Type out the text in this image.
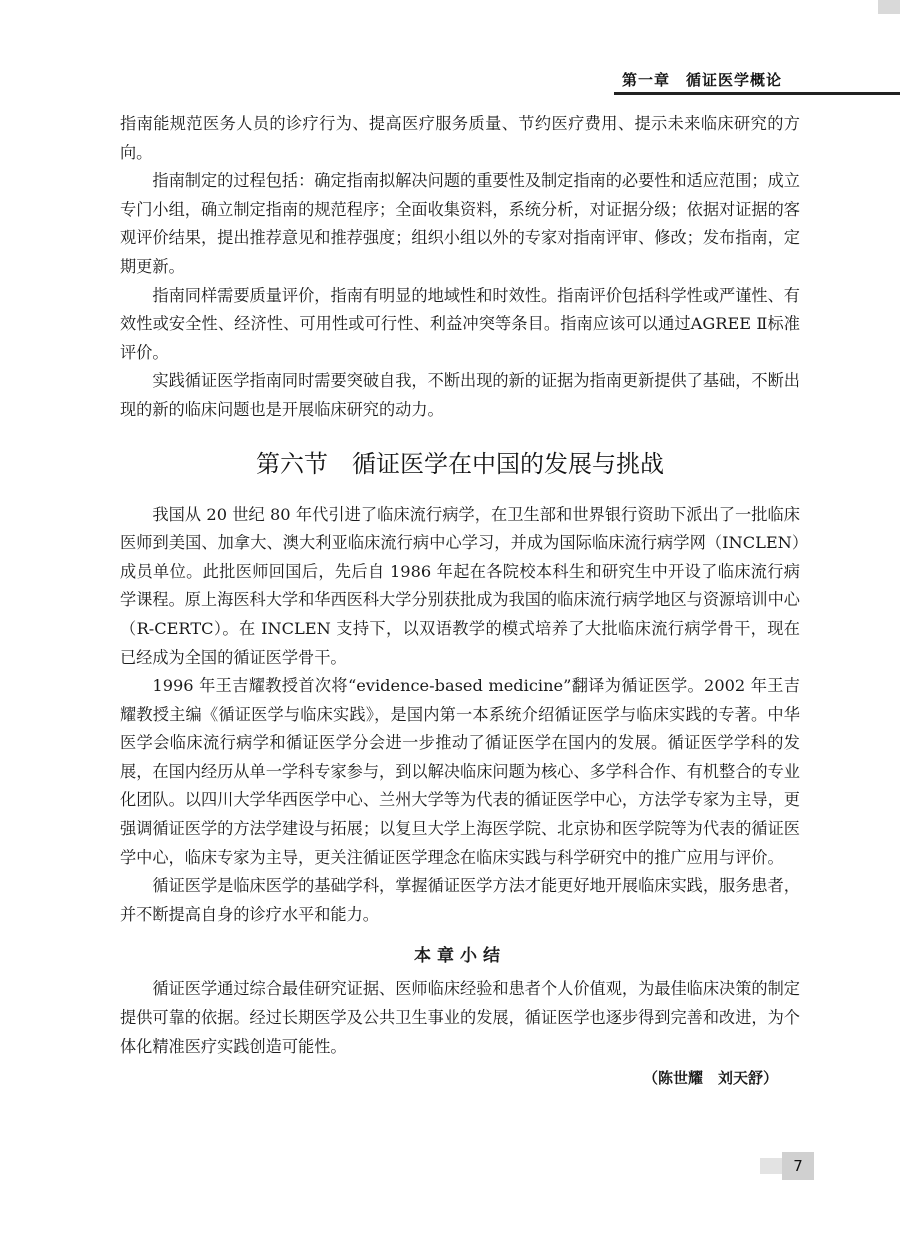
第一章　循证医学概论

指南能规范医务人员的诊疗行为、提高医疗服务质量、节约医疗费用、提示未来临床研究的方向。

指南制定的过程包括：确定指南拟解决问题的重要性及制定指南的必要性和适应范围；成立专门小组，确立制定指南的规范程序；全面收集资料，系统分析，对证据分级；依据对证据的客观评价结果，提出推荐意见和推荐强度；组织小组以外的专家对指南评审、修改；发布指南，定期更新。

指南同样需要质量评价，指南有明显的地域性和时效性。指南评价包括科学性或严谨性、有效性或安全性、经济性、可用性或可行性、利益冲突等条目。指南应该可以通过AGREE Ⅱ标准评价。

实践循证医学指南同时需要突破自我，不断出现的新的证据为指南更新提供了基础，不断出现的新的临床问题也是开展临床研究的动力。

第六节　循证医学在中国的发展与挑战

我国从 20 世纪 80 年代引进了临床流行病学，在卫生部和世界银行资助下派出了一批临床医师到美国、加拿大、澳大利亚临床流行病中心学习，并成为国际临床流行病学网（INCLEN）成员单位。此批医师回国后，先后自 1986 年起在各院校本科生和研究生中开设了临床流行病学课程。原上海医科大学和华西医科大学分别获批成为我国的临床流行病学地区与资源培训中心（R-CERTC）。在 INCLEN 支持下，以双语教学的模式培养了大批临床流行病学骨干，现在已经成为全国的循证医学骨干。

1996 年王吉耀教授首次将“evidence-based medicine”翻译为循证医学。2002 年王吉耀教授主编《循证医学与临床实践》，是国内第一本系统介绍循证医学与临床实践的专著。中华医学会临床流行病学和循证医学分会进一步推动了循证医学在国内的发展。循证医学学科的发展，在国内经历从单一学科专家参与，到以解决临床问题为核心、多学科合作、有机整合的专业化团队。以四川大学华西医学中心、兰州大学等为代表的循证医学中心，方法学专家为主导，更强调循证医学的方法学建设与拓展；以复旦大学上海医学院、北京协和医学院等为代表的循证医学中心，临床专家为主导，更关注循证医学理念在临床实践与科学研究中的推广应用与评价。

循证医学是临床医学的基础学科，掌握循证医学方法才能更好地开展临床实践，服务患者，并不断提高自身的诊疗水平和能力。

本章小结

循证医学通过综合最佳研究证据、医师临床经验和患者个人价值观，为最佳临床决策的制定提供可靠的依据。经过长期医学及公共卫生事业的发展，循证医学也逐步得到完善和改进，为个体化精准医疗实践创造可能性。

（陈世耀　刘天舒）
7
